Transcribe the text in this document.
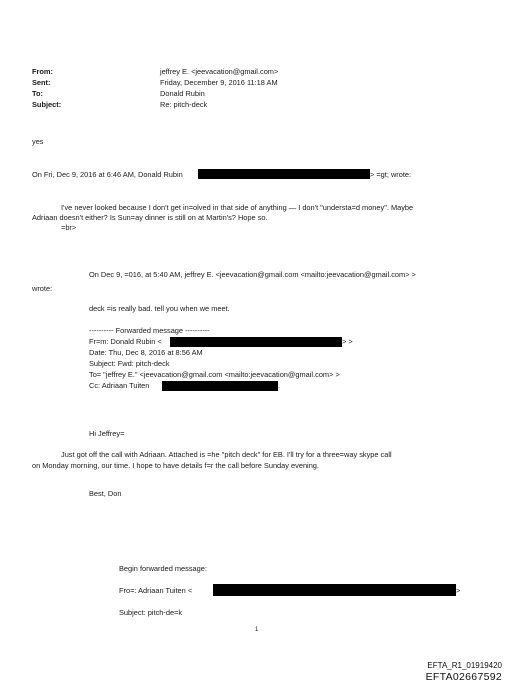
From:	jeffrey E. <jeevacation@gmail.com>
Sent:	Friday, December 9, 2016 11:18 AM
To:	Donald Rubin
Subject:	Re: pitch-deck
yes
On Fri, Dec 9, 2016 at 6:46 AM, Donald Rubin	> =gt; wrote:
I've never looked because I don't get in=olved in that side of anything — I don't "understa=d money". Maybe
Adriaan doesn't either? Is Sun=ay dinner is still on at Martin's? Hope so.
=br>
On Dec 9, =016, at 5:40 AM, jeffrey E. <jeevacation@gmail.com <mailto:jeevacation@gmail.com> >
wrote:
deck =is really bad. tell you when we meet.
---------- Forwarded message ----------
Fr=m: Donald Rubin <	> >
Date: Thu, Dec 8, 2016 at 8:56 AM
Subject: Fwd: pitch-deck
To= "jeffrey E." <jeevacation@gmail.com <mailto:jeevacation@gmail.com> >
Cc: Adriaan Tuiten	.
Hi Jeffrey=
Just got off the call with Adriaan. Attached is =he "pitch deck" for EB. I'll try for a three=way skype call
on Monday morning, our time. I hope to have details f=r the call before Sunday evening.
Best, Don
Begin forwarded message:
Fro=: Adriaan Tuiten <	>
Subject: pitch-de=k
1
EFTA_R1_01919420
EFTA02667592
